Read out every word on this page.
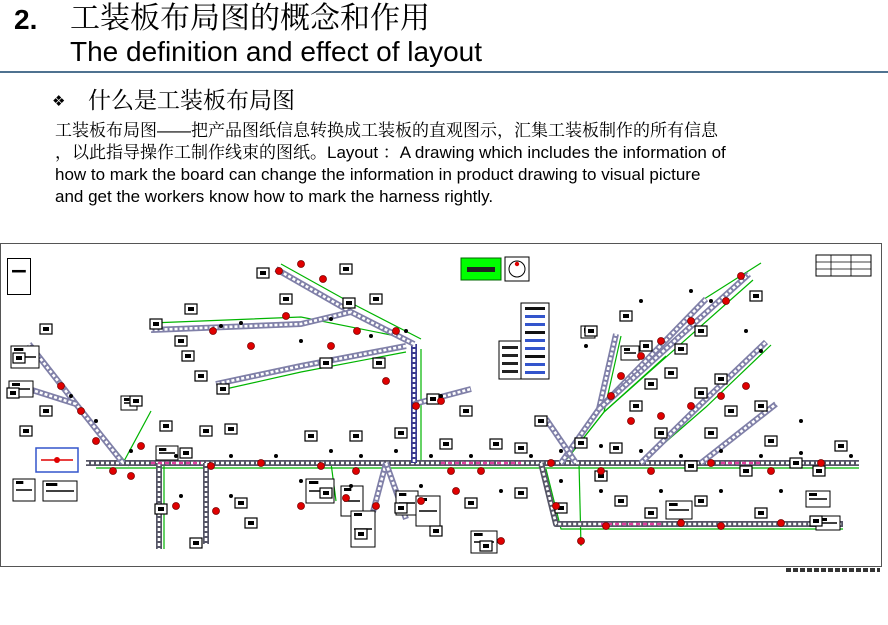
2. 工装板布局图的概念和作用
The definition and effect of layout
❖ 什么是工装板布局图
工装板布局图——把产品图纸信息转换成工装板的直观图示，汇集工装板制作的所有信息
，以此指导操作工制作线束的图纸。Layout ：A drawing which includes the information of
how to mark the board can change the information in product drawing to visual picture
and get the workers know how to mark the harness rightly.
−
